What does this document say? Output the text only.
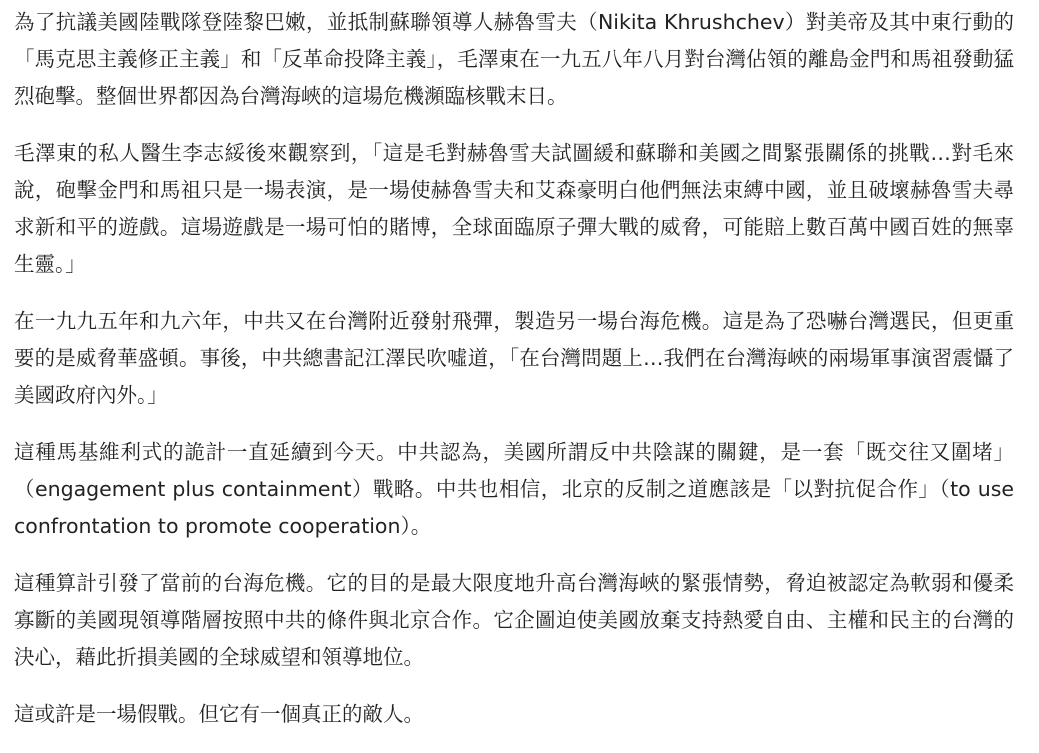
為了抗議美國陸戰隊登陸黎巴嫩，並抵制蘇聯領導人赫魯雪夫（Nikita Khrushchev）對美帝及其中東行動的「馬克思主義修正主義」和「反革命投降主義」，毛澤東在一九五八年八月對台灣佔領的離島金門和馬祖發動猛烈砲擊。整個世界都因為台灣海峽的這場危機瀕臨核戰末日。

毛澤東的私人醫生李志綏後來觀察到，「這是毛對赫魯雪夫試圖緩和蘇聯和美國之間緊張關係的挑戰…對毛來說，砲擊金門和馬祖只是一場表演，是一場使赫魯雪夫和艾森豪明白他們無法束縛中國，並且破壞赫魯雪夫尋求新和平的遊戲。這場遊戲是一場可怕的賭博，全球面臨原子彈大戰的威脅，可能賠上數百萬中國百姓的無辜生靈。」

在一九九五年和九六年，中共又在台灣附近發射飛彈，製造另一場台海危機。這是為了恐嚇台灣選民，但更重要的是威脅華盛頓。事後，中共總書記江澤民吹噓道，「在台灣問題上…我們在台灣海峽的兩場軍事演習震懾了美國政府內外。」

這種馬基維利式的詭計一直延續到今天。中共認為，美國所謂反中共陰謀的關鍵，是一套「既交往又圍堵」（engagement plus containment）戰略。中共也相信，北京的反制之道應該是「以對抗促合作」（to use confrontation to promote cooperation）。

這種算計引發了當前的台海危機。它的目的是最大限度地升高台灣海峽的緊張情勢，脅迫被認定為軟弱和優柔寡斷的美國現領導階層按照中共的條件與北京合作。它企圖迫使美國放棄支持熱愛自由、主權和民主的台灣的決心，藉此折損美國的全球威望和領導地位。

這或許是一場假戰。但它有一個真正的敵人。
